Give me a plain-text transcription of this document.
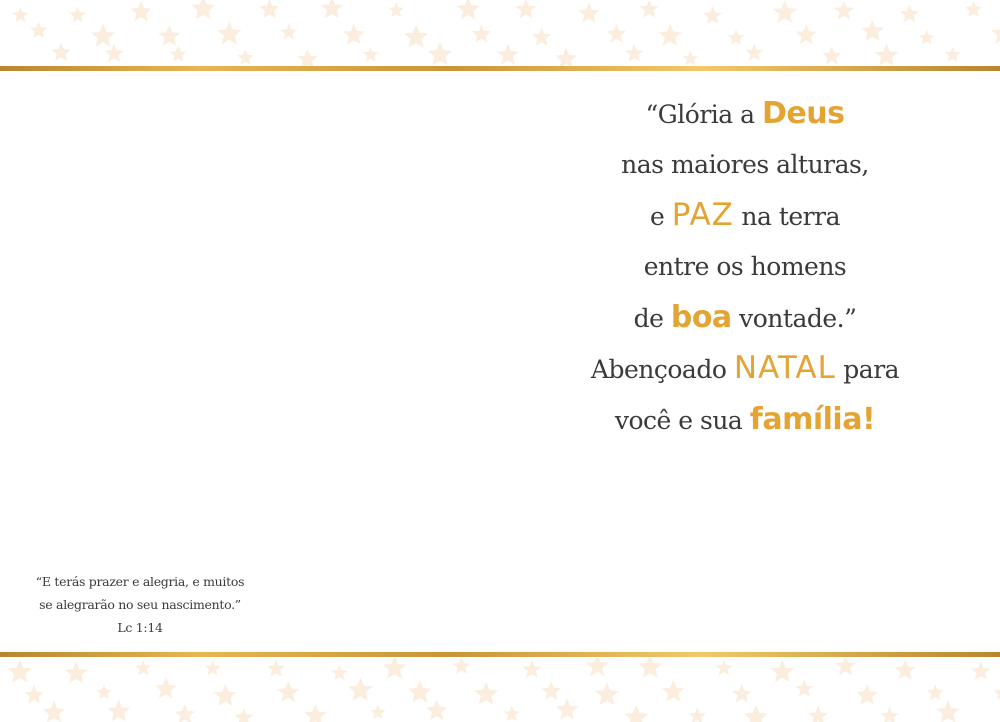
“Glória a Deus
nas maiores alturas,
e PAZ na terra
entre os homens
de boa vontade.”
Abençoado NATAL para
você e sua família!
“E terás prazer e alegria, e muitos
se alegrarão no seu nascimento.”
Lc 1:14
